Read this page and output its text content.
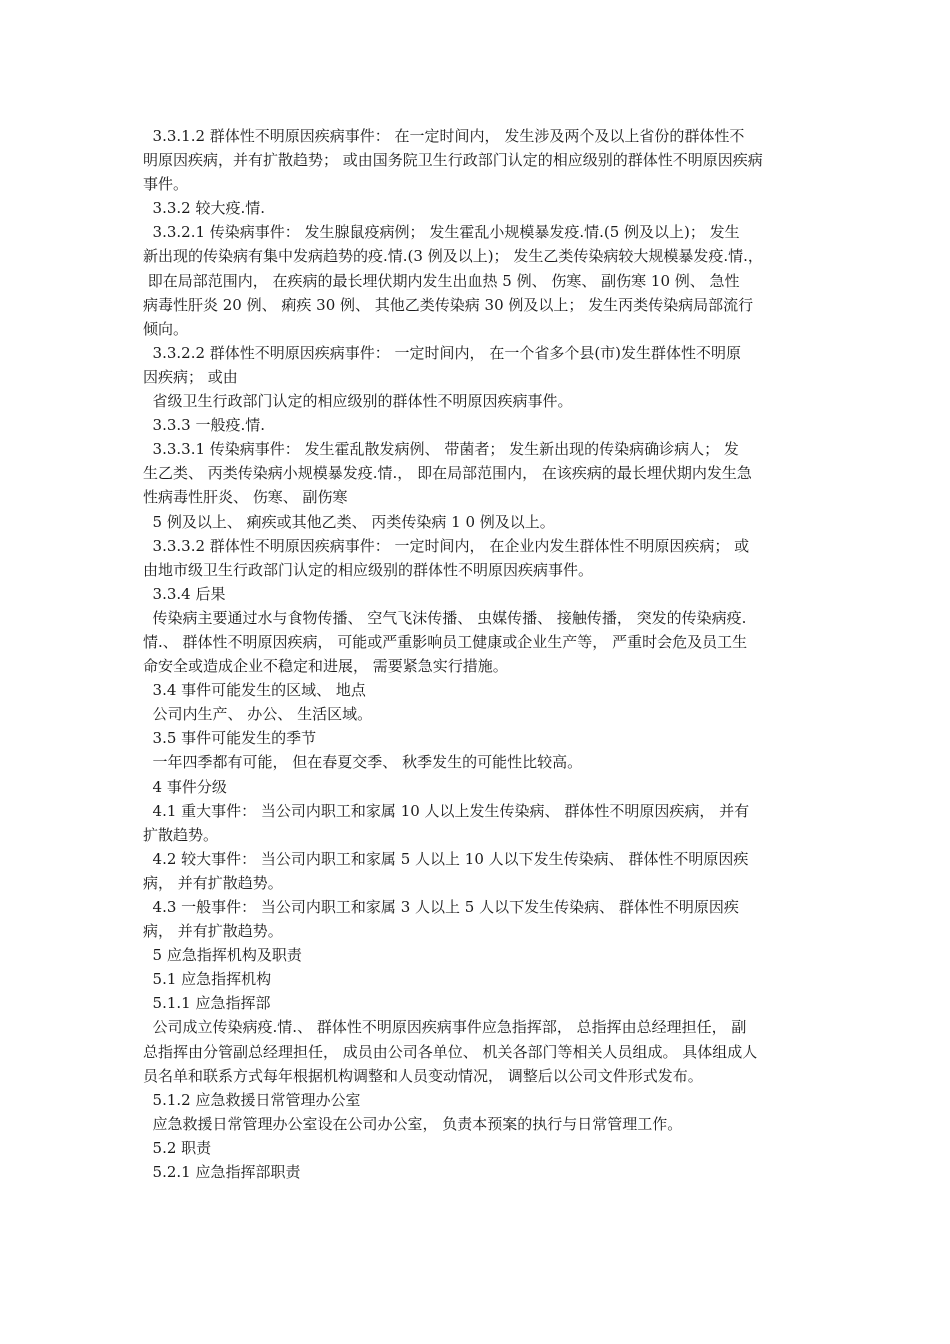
3.3.1.2 群体性不明原因疾病事件： 在一定时间内， 发生涉及两个及以上省份的群体性不
明原因疾病，并有扩散趋势； 或由国务院卫生行政部门认定的相应级别的群体性不明原因疾病
事件。
3.3.2 较大疫.情.
3.3.2.1 传染病事件： 发生腺鼠疫病例； 发生霍乱小规模暴发疫.情.(5 例及以上)； 发生
新出现的传染病有集中发病趋势的疫.情.(3 例及以上)； 发生乙类传染病较大规模暴发疫.情.，
即在局部范围内， 在疾病的最长埋伏期内发生出血热 5 例、 伤寒、 副伤寒 10 例、 急性
病毒性肝炎 20 例、 痢疾 30 例、 其他乙类传染病 30 例及以上； 发生丙类传染病局部流行
倾向。
3.3.2.2 群体性不明原因疾病事件： 一定时间内， 在一个省多个县(市)发生群体性不明原
因疾病； 或由
省级卫生行政部门认定的相应级别的群体性不明原因疾病事件。
3.3.3 一般疫.情.
3.3.3.1 传染病事件： 发生霍乱散发病例、 带菌者； 发生新出现的传染病确诊病人； 发
生乙类、 丙类传染病小规模暴发疫.情.， 即在局部范围内， 在该疾病的最长埋伏期内发生急
性病毒性肝炎、 伤寒、 副伤寒
5 例及以上、 痢疾或其他乙类、 丙类传染病 1 0 例及以上。
3.3.3.2 群体性不明原因疾病事件： 一定时间内， 在企业内发生群体性不明原因疾病； 或
由地市级卫生行政部门认定的相应级别的群体性不明原因疾病事件。
3.3.4 后果
传染病主要通过水与食物传播、 空气飞沫传播、 虫媒传播、 接触传播， 突发的传染病疫.
情.、 群体性不明原因疾病， 可能或严重影响员工健康或企业生产等， 严重时会危及员工生
命安全或造成企业不稳定和进展， 需要紧急实行措施。
3.4 事件可能发生的区域、 地点
公司内生产、 办公、 生活区域。
3.5 事件可能发生的季节
一年四季都有可能， 但在春夏交季、 秋季发生的可能性比较高。
4 事件分级
4.1 重大事件： 当公司内职工和家属 10 人以上发生传染病、 群体性不明原因疾病， 并有
扩散趋势。
4.2 较大事件： 当公司内职工和家属 5 人以上 10 人以下发生传染病、 群体性不明原因疾
病， 并有扩散趋势。
4.3 一般事件： 当公司内职工和家属 3 人以上 5 人以下发生传染病、 群体性不明原因疾
病， 并有扩散趋势。
5 应急指挥机构及职责
5.1 应急指挥机构
5.1.1 应急指挥部
公司成立传染病疫.情.、 群体性不明原因疾病事件应急指挥部， 总指挥由总经理担任， 副
总指挥由分管副总经理担任， 成员由公司各单位、 机关各部门等相关人员组成。 具体组成人
员名单和联系方式每年根据机构调整和人员变动情况， 调整后以公司文件形式发布。
5.1.2 应急救援日常管理办公室
应急救援日常管理办公室设在公司办公室， 负责本预案的执行与日常管理工作。
5.2 职责
5.2.1 应急指挥部职责
